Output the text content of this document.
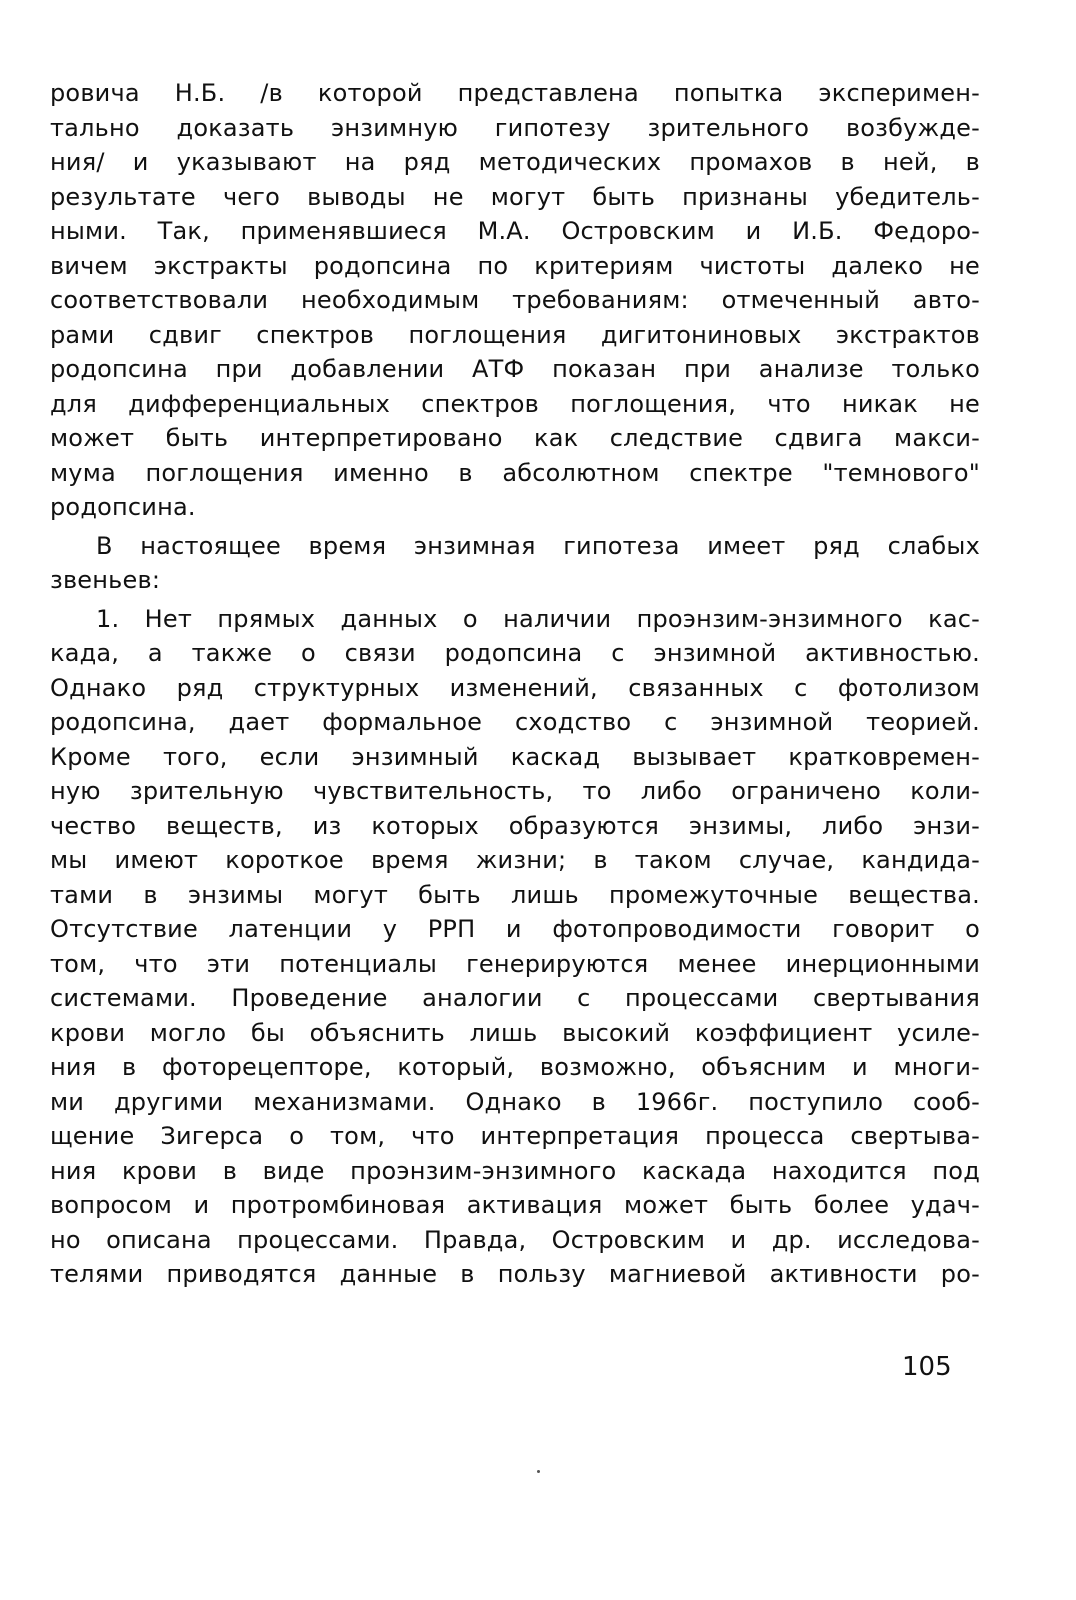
ровича Н.Б. /в которой представлена попытка эксперимен-
тально доказать энзимную гипотезу зрительного возбужде-
ния/ и указывают на ряд методических промахов в ней, в
результате чего выводы не могут быть признаны убедитель-
ными. Так, применявшиеся М.А. Островским и И.Б. Федоро-
вичем экстракты родопсина по критериям чистоты далеко не
соответствовали необходимым требованиям: отмеченный авто-
рами сдвиг спектров поглощения дигитониновых экстрактов
родопсина при добавлении АТФ показан при анализе только
для дифференциальных спектров поглощения, что никак не
может быть интерпретировано как следствие сдвига макси-
мума поглощения именно в абсолютном спектре "темнового"
родопсина.
В настоящее время энзимная гипотеза имеет ряд слабых
звеньев:
1. Нет прямых данных о наличии проэнзим-энзимного кас-
када, а также о связи родопсина с энзимной активностью.
Однако ряд структурных изменений, связанных с фотолизом
родопсина, дает формальное сходство с энзимной теорией.
Кроме того, если энзимный каскад вызывает кратковремен-
ную зрительную чувствительность, то либо ограничено коли-
чество веществ, из которых образуются энзимы, либо энзи-
мы имеют короткое время жизни; в таком случае, кандида-
тами в энзимы могут быть лишь промежуточные вещества.
Отсутствие латенции у РРП и фотопроводимости говорит о
том, что эти потенциалы генерируются менее инерционными
системами. Проведение аналогии с процессами свертывания
крови могло бы объяснить лишь высокий коэффициент усиле-
ния в фоторецепторе, который, возможно, объясним и многи-
ми другими механизмами. Однако в 1966г. поступило сооб-
щение Зигерса о том, что интерпретация процесса свертыва-
ния крови в виде проэнзим-энзимного каскада находится под
вопросом и протромбиновая активация может быть более удач-
но описана процессами. Правда, Островским и др. исследова-
телями приводятся данные в пользу магниевой активности ро-
105
